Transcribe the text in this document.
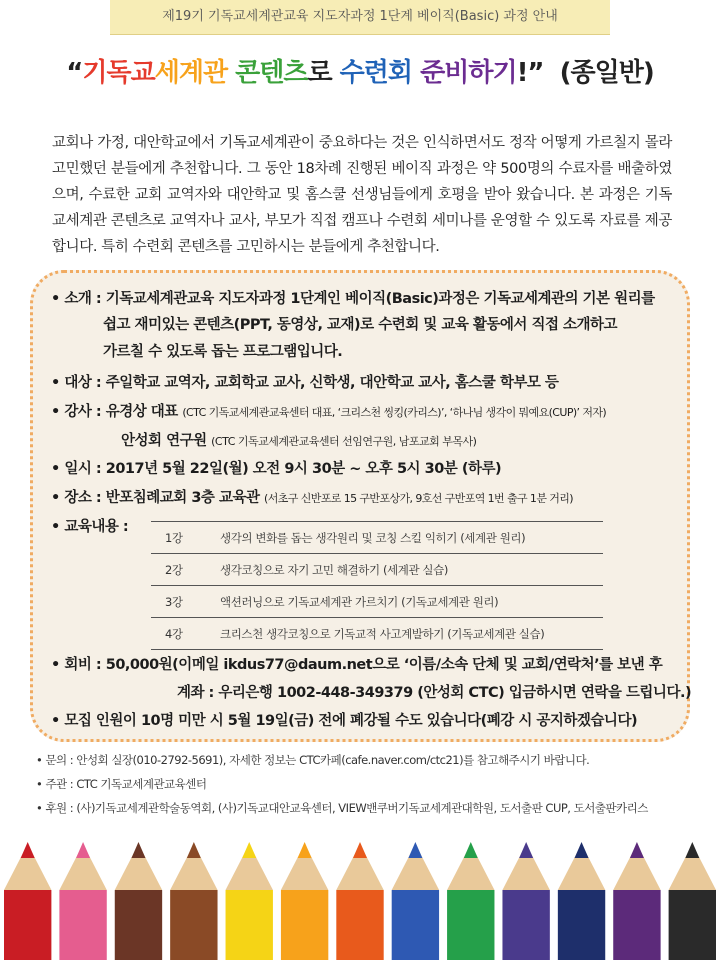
제19기 기독교세계관교육 지도자과정 1단계 베이직(Basic) 과정 안내
“기독교세계관 콘텐츠로 수련회 준비하기!”  (종일반)
교회나 가정, 대안학교에서 기독교세계관이 중요하다는 것은 인식하면서도 정작 어떻게 가르칠지 몰라 고민했던 분들에게 추천합니다. 그 동안 18차례 진행된 베이직 과정은 약 500명의 수료자를 배출하였으며, 수료한 교회 교역자와 대안학교 및 홈스쿨 선생님들에게 호평을 받아 왔습니다. 본 과정은 기독교세계관 콘텐츠로 교역자나 교사, 부모가 직접 캠프나 수련회 세미나를 운영할 수 있도록 자료를 제공합니다. 특히 수련회 콘텐츠를 고민하시는 분들에게 추천합니다.
• 소개 : 기독교세계관교육 지도자과정 1단계인 베이직(Basic)과정은 기독교세계관의 기본 원리를
쉽고 재미있는 콘텐츠(PPT, 동영상, 교재)로 수련회 및 교육 활동에서 직접 소개하고
가르칠 수 있도록 돕는 프로그램입니다.
• 대상 : 주일학교 교역자, 교회학교 교사, 신학생, 대안학교 교사, 홈스쿨 학부모 등
• 강사 : 유경상 대표 (CTC 기독교세계관교육센터 대표, ‘크리스천 씽킹(카리스)’, ‘하나님 생각이 뭐예요(CUP)’ 저자)
안성회 연구원 (CTC 기독교세계관교육센터 선임연구원, 남포교회 부목사)
• 일시 : 2017년 5월 22일(월) 오전 9시 30분 ~ 오후 5시 30분 (하루)
• 장소 : 반포침례교회 3층 교육관 (서초구 신반포로 15 구반포상가, 9호선 구반포역 1번 출구 1분 거리)
• 교육내용 :
1강	생각의 변화를 돕는 생각원리 및 코칭 스킬 익히기 (세계관 원리)
2강	생각코칭으로 자기 고민 해결하기 (세계관 실습)
3강	액션러닝으로 기독교세계관 가르치기 (기독교세계관 원리)
4강	크리스천 생각코칭으로 기독교적 사고계발하기 (기독교세계관 실습)
• 회비 : 50,000원(이메일 ikdus77@daum.net으로 ‘이름/소속 단체 및 교회/연락처’를 보낸 후
계좌 : 우리은행 1002-448-349379 (안성회 CTC) 입금하시면 연락을 드립니다.)
• 모집 인원이 10명 미만 시 5월 19일(금) 전에 폐강될 수도 있습니다(폐강 시 공지하겠습니다)
• 문의 : 안성회 실장(010-2792-5691), 자세한 정보는 CTC카페(cafe.naver.com/ctc21)를 참고해주시기 바랍니다.
• 주관 : CTC 기독교세계관교육센터
• 후원 : (사)기독교세계관학술동역회, (사)기독교대안교육센터, VIEW밴쿠버기독교세계관대학원, 도서출판 CUP, 도서출판카리스
